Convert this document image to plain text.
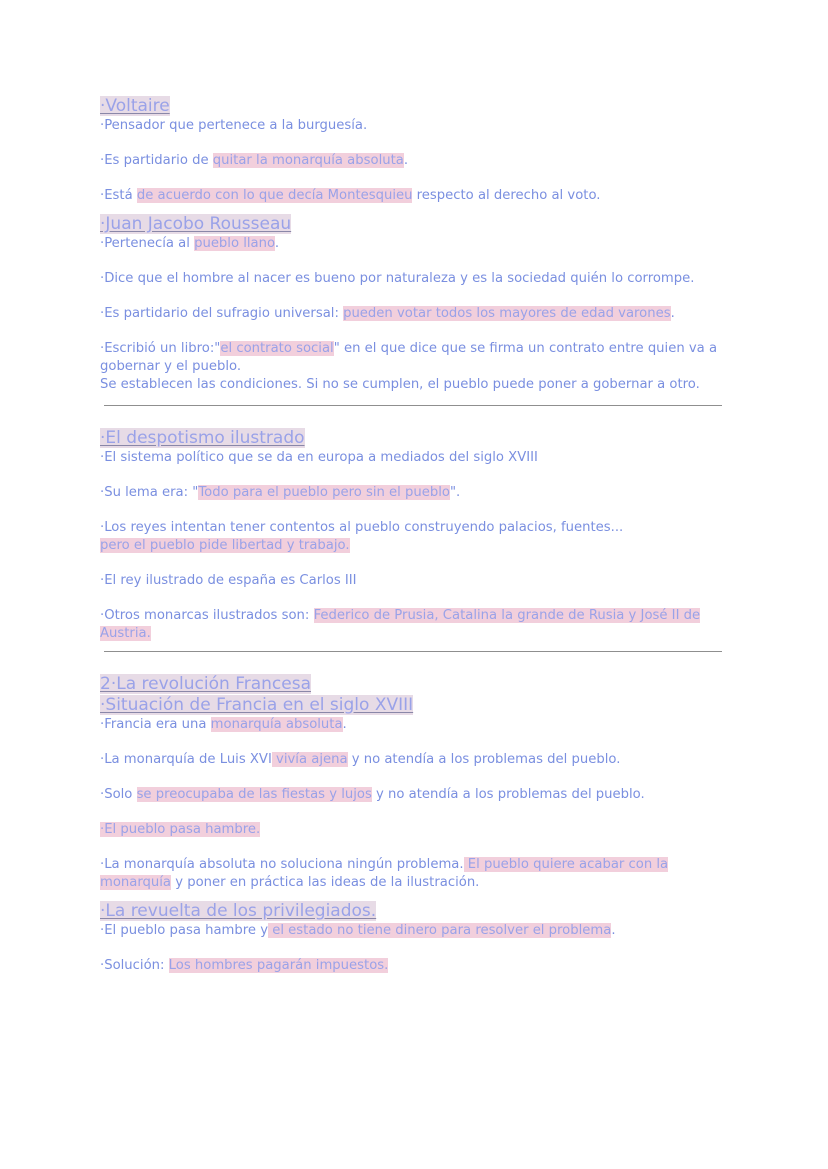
·Voltaire

·Pensador que pertenece a la burguesía.

·Es partidario de quitar la monarquía absoluta.

·Está de acuerdo con lo que decía Montesquieu respecto al derecho al voto.

·Juan Jacobo Rousseau

·Pertenecía al pueblo llano.

·Dice que el hombre al nacer es bueno por naturaleza y es la sociedad quién lo corrompe.

·Es partidario del sufragio universal: pueden votar todos los mayores de edad varones.

·Escribió un libro:"el contrato social" en el que dice que se firma un contrato entre quien va a gobernar y el pueblo.

Se establecen las condiciones. Si no se cumplen, el pueblo puede poner a gobernar a otro.

·El despotismo ilustrado

·El sistema político que se da en europa a mediados del siglo XVIII

·Su lema era: "Todo para el pueblo pero sin el pueblo".

·Los reyes intentan tener contentos al pueblo construyendo palacios, fuentes...

pero el pueblo pide libertad y trabajo.

·El rey ilustrado de españa es Carlos III

·Otros monarcas ilustrados son: Federico de Prusia, Catalina la grande de Rusia y José II de Austria.

2·La revolución Francesa
·Situación de Francia en el siglo XVIII

·Francia era una monarquía absoluta.

·La monarquía de Luis XVI vivía ajena y no atendía a los problemas del pueblo.

·Solo se preocupaba de las fiestas y lujos y no atendía a los problemas del pueblo.

·El pueblo pasa hambre.

·La monarquía absoluta no soluciona ningún problema. El pueblo quiere acabar con la monarquía y poner en práctica las ideas de la ilustración.

·La revuelta de los privilegiados.

·El pueblo pasa hambre y el estado no tiene dinero para resolver el problema.

·Solución: Los hombres pagarán impuestos.
